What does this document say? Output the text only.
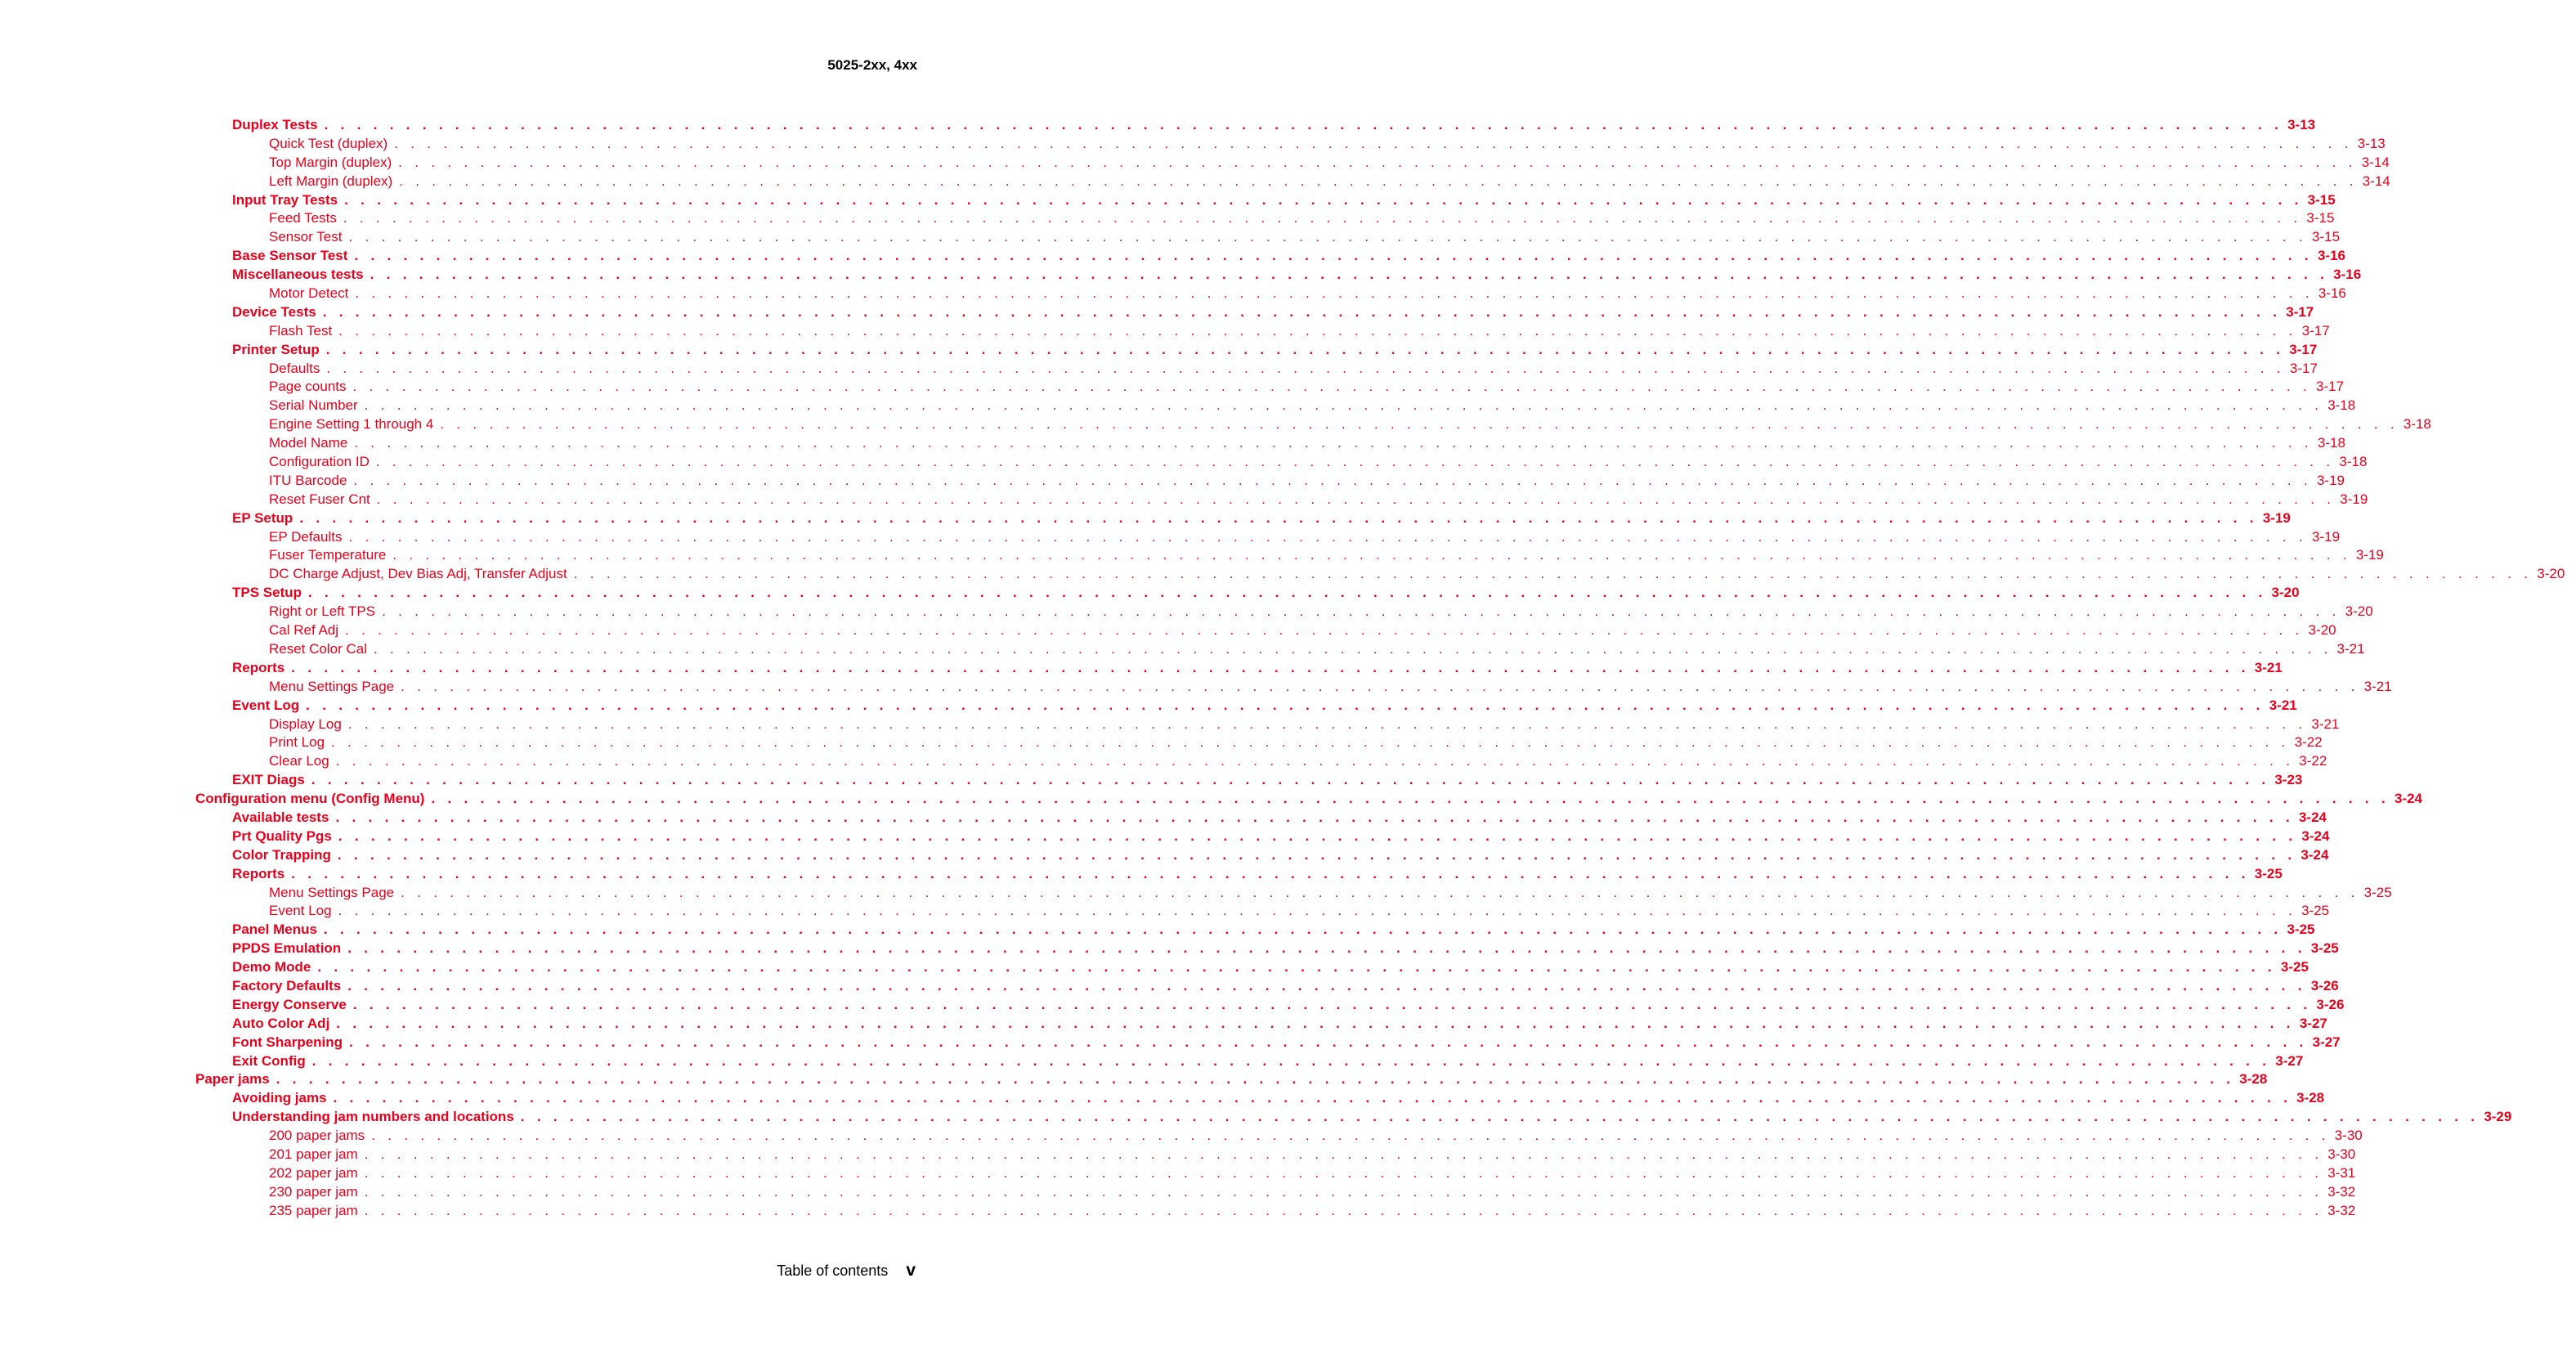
5025-2xx, 4xx
Duplex Tests . . . . . . . . . . . . . . . . . . . . . . . . . . . . . . . . . . . . . . . . . . . . . . . . . . . . . . . . . . . . . . . . . . . . . . . . . . . . . . . . . . . . . . . . . . . . . . . . . . . . . . . . . . . . . . . . . . . . . . . . 3-13
Quick Test (duplex) . . . . . . . . . . . . . . . . . . . . . . . . . . . . . . . . . . . . . . . . . . . . . . . . . . . . . . . . . . . . . . . . . . . . . . . . . . . . . . . . . . . . . . . . . . . . . . . . . . . . . . . . . . . . . . . . . . . . . . . . 3-13
Top Margin (duplex) . . . . . . . . . . . . . . . . . . . . . . . . . . . . . . . . . . . . . . . . . . . . . . . . . . . . . . . . . . . . . . . . . . . . . . . . . . . . . . . . . . . . . . . . . . . . . . . . . . . . . . . . . . . . . . . . . . . . . . . . 3-14
Left Margin (duplex) . . . . . . . . . . . . . . . . . . . . . . . . . . . . . . . . . . . . . . . . . . . . . . . . . . . . . . . . . . . . . . . . . . . . . . . . . . . . . . . . . . . . . . . . . . . . . . . . . . . . . . . . . . . . . . . . . . . . . . . . 3-14
Input Tray Tests . . . . . . . . . . . . . . . . . . . . . . . . . . . . . . . . . . . . . . . . . . . . . . . . . . . . . . . . . . . . . . . . . . . . . . . . . . . . . . . . . . . . . . . . . . . . . . . . . . . . . . . . . . . . . . . . . . . . . . . . 3-15
Feed Tests . . . . . . . . . . . . . . . . . . . . . . . . . . . . . . . . . . . . . . . . . . . . . . . . . . . . . . . . . . . . . . . . . . . . . . . . . . . . . . . . . . . . . . . . . . . . . . . . . . . . . . . . . . . . . . . . . . . . . . . . 3-15
Sensor Test . . . . . . . . . . . . . . . . . . . . . . . . . . . . . . . . . . . . . . . . . . . . . . . . . . . . . . . . . . . . . . . . . . . . . . . . . . . . . . . . . . . . . . . . . . . . . . . . . . . . . . . . . . . . . . . . . . . . . . . . 3-15
Base Sensor Test . . . . . . . . . . . . . . . . . . . . . . . . . . . . . . . . . . . . . . . . . . . . . . . . . . . . . . . . . . . . . . . . . . . . . . . . . . . . . . . . . . . . . . . . . . . . . . . . . . . . . . . . . . . . . . . . . . . . . . . . 3-16
Miscellaneous tests . . . . . . . . . . . . . . . . . . . . . . . . . . . . . . . . . . . . . . . . . . . . . . . . . . . . . . . . . . . . . . . . . . . . . . . . . . . . . . . . . . . . . . . . . . . . . . . . . . . . . . . . . . . . . . . . . . . . . . . . 3-16
Motor Detect . . . . . . . . . . . . . . . . . . . . . . . . . . . . . . . . . . . . . . . . . . . . . . . . . . . . . . . . . . . . . . . . . . . . . . . . . . . . . . . . . . . . . . . . . . . . . . . . . . . . . . . . . . . . . . . . . . . . . . . . 3-16
Device Tests . . . . . . . . . . . . . . . . . . . . . . . . . . . . . . . . . . . . . . . . . . . . . . . . . . . . . . . . . . . . . . . . . . . . . . . . . . . . . . . . . . . . . . . . . . . . . . . . . . . . . . . . . . . . . . . . . . . . . . . . 3-17
Flash Test . . . . . . . . . . . . . . . . . . . . . . . . . . . . . . . . . . . . . . . . . . . . . . . . . . . . . . . . . . . . . . . . . . . . . . . . . . . . . . . . . . . . . . . . . . . . . . . . . . . . . . . . . . . . . . . . . . . . . . . . 3-17
Printer Setup . . . . . . . . . . . . . . . . . . . . . . . . . . . . . . . . . . . . . . . . . . . . . . . . . . . . . . . . . . . . . . . . . . . . . . . . . . . . . . . . . . . . . . . . . . . . . . . . . . . . . . . . . . . . . . . . . . . . . . . . 3-17
Defaults . . . . . . . . . . . . . . . . . . . . . . . . . . . . . . . . . . . . . . . . . . . . . . . . . . . . . . . . . . . . . . . . . . . . . . . . . . . . . . . . . . . . . . . . . . . . . . . . . . . . . . . . . . . . . . . . . . . . . . . . 3-17
Page counts . . . . . . . . . . . . . . . . . . . . . . . . . . . . . . . . . . . . . . . . . . . . . . . . . . . . . . . . . . . . . . . . . . . . . . . . . . . . . . . . . . . . . . . . . . . . . . . . . . . . . . . . . . . . . . . . . . . . . . . . 3-17
Serial Number . . . . . . . . . . . . . . . . . . . . . . . . . . . . . . . . . . . . . . . . . . . . . . . . . . . . . . . . . . . . . . . . . . . . . . . . . . . . . . . . . . . . . . . . . . . . . . . . . . . . . . . . . . . . . . . . . . . . . . . . 3-18
Engine Setting 1 through 4 . . . . . . . . . . . . . . . . . . . . . . . . . . . . . . . . . . . . . . . . . . . . . . . . . . . . . . . . . . . . . . . . . . . . . . . . . . . . . . . . . . . . . . . . . . . . . . . . . . . . . . . . . . . . . . . . . . . . . . . . 3-18
Model Name . . . . . . . . . . . . . . . . . . . . . . . . . . . . . . . . . . . . . . . . . . . . . . . . . . . . . . . . . . . . . . . . . . . . . . . . . . . . . . . . . . . . . . . . . . . . . . . . . . . . . . . . . . . . . . . . . . . . . . . . 3-18
Configuration ID . . . . . . . . . . . . . . . . . . . . . . . . . . . . . . . . . . . . . . . . . . . . . . . . . . . . . . . . . . . . . . . . . . . . . . . . . . . . . . . . . . . . . . . . . . . . . . . . . . . . . . . . . . . . . . . . . . . . . . . . 3-18
ITU Barcode . . . . . . . . . . . . . . . . . . . . . . . . . . . . . . . . . . . . . . . . . . . . . . . . . . . . . . . . . . . . . . . . . . . . . . . . . . . . . . . . . . . . . . . . . . . . . . . . . . . . . . . . . . . . . . . . . . . . . . . . 3-19
Reset Fuser Cnt . . . . . . . . . . . . . . . . . . . . . . . . . . . . . . . . . . . . . . . . . . . . . . . . . . . . . . . . . . . . . . . . . . . . . . . . . . . . . . . . . . . . . . . . . . . . . . . . . . . . . . . . . . . . . . . . . . . . . . . . 3-19
EP Setup . . . . . . . . . . . . . . . . . . . . . . . . . . . . . . . . . . . . . . . . . . . . . . . . . . . . . . . . . . . . . . . . . . . . . . . . . . . . . . . . . . . . . . . . . . . . . . . . . . . . . . . . . . . . . . . . . . . . . . . . 3-19
EP Defaults . . . . . . . . . . . . . . . . . . . . . . . . . . . . . . . . . . . . . . . . . . . . . . . . . . . . . . . . . . . . . . . . . . . . . . . . . . . . . . . . . . . . . . . . . . . . . . . . . . . . . . . . . . . . . . . . . . . . . . . . 3-19
Fuser Temperature . . . . . . . . . . . . . . . . . . . . . . . . . . . . . . . . . . . . . . . . . . . . . . . . . . . . . . . . . . . . . . . . . . . . . . . . . . . . . . . . . . . . . . . . . . . . . . . . . . . . . . . . . . . . . . . . . . . . . . . . 3-19
DC Charge Adjust, Dev Bias Adj, Transfer Adjust . . . . . . . . . . . . . . . . . . . . . . . . . . . . . . . . . . . . . . . . . . . . . . . . . . . . . . . . . . . . . . . . . . . . . . . . . . . . . . . . . . . . . . . . . . . . . . . . . . . . . . . . . . . . . . . . . . . . . . . . 3-20
TPS Setup . . . . . . . . . . . . . . . . . . . . . . . . . . . . . . . . . . . . . . . . . . . . . . . . . . . . . . . . . . . . . . . . . . . . . . . . . . . . . . . . . . . . . . . . . . . . . . . . . . . . . . . . . . . . . . . . . . . . . . . . 3-20
Right or Left TPS . . . . . . . . . . . . . . . . . . . . . . . . . . . . . . . . . . . . . . . . . . . . . . . . . . . . . . . . . . . . . . . . . . . . . . . . . . . . . . . . . . . . . . . . . . . . . . . . . . . . . . . . . . . . . . . . . . . . . . . . 3-20
Cal Ref Adj . . . . . . . . . . . . . . . . . . . . . . . . . . . . . . . . . . . . . . . . . . . . . . . . . . . . . . . . . . . . . . . . . . . . . . . . . . . . . . . . . . . . . . . . . . . . . . . . . . . . . . . . . . . . . . . . . . . . . . . . 3-20
Reset Color Cal . . . . . . . . . . . . . . . . . . . . . . . . . . . . . . . . . . . . . . . . . . . . . . . . . . . . . . . . . . . . . . . . . . . . . . . . . . . . . . . . . . . . . . . . . . . . . . . . . . . . . . . . . . . . . . . . . . . . . . . . 3-21
Reports . . . . . . . . . . . . . . . . . . . . . . . . . . . . . . . . . . . . . . . . . . . . . . . . . . . . . . . . . . . . . . . . . . . . . . . . . . . . . . . . . . . . . . . . . . . . . . . . . . . . . . . . . . . . . . . . . . . . . . . . 3-21
Menu Settings Page . . . . . . . . . . . . . . . . . . . . . . . . . . . . . . . . . . . . . . . . . . . . . . . . . . . . . . . . . . . . . . . . . . . . . . . . . . . . . . . . . . . . . . . . . . . . . . . . . . . . . . . . . . . . . . . . . . . . . . . . 3-21
Event Log . . . . . . . . . . . . . . . . . . . . . . . . . . . . . . . . . . . . . . . . . . . . . . . . . . . . . . . . . . . . . . . . . . . . . . . . . . . . . . . . . . . . . . . . . . . . . . . . . . . . . . . . . . . . . . . . . . . . . . . . 3-21
Display Log . . . . . . . . . . . . . . . . . . . . . . . . . . . . . . . . . . . . . . . . . . . . . . . . . . . . . . . . . . . . . . . . . . . . . . . . . . . . . . . . . . . . . . . . . . . . . . . . . . . . . . . . . . . . . . . . . . . . . . . . 3-21
Print Log . . . . . . . . . . . . . . . . . . . . . . . . . . . . . . . . . . . . . . . . . . . . . . . . . . . . . . . . . . . . . . . . . . . . . . . . . . . . . . . . . . . . . . . . . . . . . . . . . . . . . . . . . . . . . . . . . . . . . . . . 3-22
Clear Log . . . . . . . . . . . . . . . . . . . . . . . . . . . . . . . . . . . . . . . . . . . . . . . . . . . . . . . . . . . . . . . . . . . . . . . . . . . . . . . . . . . . . . . . . . . . . . . . . . . . . . . . . . . . . . . . . . . . . . . . 3-22
EXIT Diags . . . . . . . . . . . . . . . . . . . . . . . . . . . . . . . . . . . . . . . . . . . . . . . . . . . . . . . . . . . . . . . . . . . . . . . . . . . . . . . . . . . . . . . . . . . . . . . . . . . . . . . . . . . . . . . . . . . . . . . . 3-23
Configuration menu (Config Menu) . . . . . . . . . . . . . . . . . . . . . . . . . . . . . . . . . . . . . . . . . . . . . . . . . . . . . . . . . . . . . . . . . . . . . . . . . . . . . . . . . . . . . . . . . . . . . . . . . . . . . . . . . . . . . . . . . . . . . . . . 3-24
Available tests . . . . . . . . . . . . . . . . . . . . . . . . . . . . . . . . . . . . . . . . . . . . . . . . . . . . . . . . . . . . . . . . . . . . . . . . . . . . . . . . . . . . . . . . . . . . . . . . . . . . . . . . . . . . . . . . . . . . . . . . 3-24
Prt Quality Pgs . . . . . . . . . . . . . . . . . . . . . . . . . . . . . . . . . . . . . . . . . . . . . . . . . . . . . . . . . . . . . . . . . . . . . . . . . . . . . . . . . . . . . . . . . . . . . . . . . . . . . . . . . . . . . . . . . . . . . . . . 3-24
Color Trapping . . . . . . . . . . . . . . . . . . . . . . . . . . . . . . . . . . . . . . . . . . . . . . . . . . . . . . . . . . . . . . . . . . . . . . . . . . . . . . . . . . . . . . . . . . . . . . . . . . . . . . . . . . . . . . . . . . . . . . . . 3-24
Reports . . . . . . . . . . . . . . . . . . . . . . . . . . . . . . . . . . . . . . . . . . . . . . . . . . . . . . . . . . . . . . . . . . . . . . . . . . . . . . . . . . . . . . . . . . . . . . . . . . . . . . . . . . . . . . . . . . . . . . . . 3-25
Menu Settings Page . . . . . . . . . . . . . . . . . . . . . . . . . . . . . . . . . . . . . . . . . . . . . . . . . . . . . . . . . . . . . . . . . . . . . . . . . . . . . . . . . . . . . . . . . . . . . . . . . . . . . . . . . . . . . . . . . . . . . . . . 3-25
Event Log . . . . . . . . . . . . . . . . . . . . . . . . . . . . . . . . . . . . . . . . . . . . . . . . . . . . . . . . . . . . . . . . . . . . . . . . . . . . . . . . . . . . . . . . . . . . . . . . . . . . . . . . . . . . . . . . . . . . . . . . 3-25
Panel Menus . . . . . . . . . . . . . . . . . . . . . . . . . . . . . . . . . . . . . . . . . . . . . . . . . . . . . . . . . . . . . . . . . . . . . . . . . . . . . . . . . . . . . . . . . . . . . . . . . . . . . . . . . . . . . . . . . . . . . . . . 3-25
PPDS Emulation . . . . . . . . . . . . . . . . . . . . . . . . . . . . . . . . . . . . . . . . . . . . . . . . . . . . . . . . . . . . . . . . . . . . . . . . . . . . . . . . . . . . . . . . . . . . . . . . . . . . . . . . . . . . . . . . . . . . . . . . 3-25
Demo Mode . . . . . . . . . . . . . . . . . . . . . . . . . . . . . . . . . . . . . . . . . . . . . . . . . . . . . . . . . . . . . . . . . . . . . . . . . . . . . . . . . . . . . . . . . . . . . . . . . . . . . . . . . . . . . . . . . . . . . . . . 3-25
Factory Defaults . . . . . . . . . . . . . . . . . . . . . . . . . . . . . . . . . . . . . . . . . . . . . . . . . . . . . . . . . . . . . . . . . . . . . . . . . . . . . . . . . . . . . . . . . . . . . . . . . . . . . . . . . . . . . . . . . . . . . . . . 3-26
Energy Conserve . . . . . . . . . . . . . . . . . . . . . . . . . . . . . . . . . . . . . . . . . . . . . . . . . . . . . . . . . . . . . . . . . . . . . . . . . . . . . . . . . . . . . . . . . . . . . . . . . . . . . . . . . . . . . . . . . . . . . . . . 3-26
Auto Color Adj . . . . . . . . . . . . . . . . . . . . . . . . . . . . . . . . . . . . . . . . . . . . . . . . . . . . . . . . . . . . . . . . . . . . . . . . . . . . . . . . . . . . . . . . . . . . . . . . . . . . . . . . . . . . . . . . . . . . . . . . 3-27
Font Sharpening . . . . . . . . . . . . . . . . . . . . . . . . . . . . . . . . . . . . . . . . . . . . . . . . . . . . . . . . . . . . . . . . . . . . . . . . . . . . . . . . . . . . . . . . . . . . . . . . . . . . . . . . . . . . . . . . . . . . . . . . 3-27
Exit Config . . . . . . . . . . . . . . . . . . . . . . . . . . . . . . . . . . . . . . . . . . . . . . . . . . . . . . . . . . . . . . . . . . . . . . . . . . . . . . . . . . . . . . . . . . . . . . . . . . . . . . . . . . . . . . . . . . . . . . . . 3-27
Paper jams . . . . . . . . . . . . . . . . . . . . . . . . . . . . . . . . . . . . . . . . . . . . . . . . . . . . . . . . . . . . . . . . . . . . . . . . . . . . . . . . . . . . . . . . . . . . . . . . . . . . . . . . . . . . . . . . . . . . . . . . 3-28
Avoiding jams . . . . . . . . . . . . . . . . . . . . . . . . . . . . . . . . . . . . . . . . . . . . . . . . . . . . . . . . . . . . . . . . . . . . . . . . . . . . . . . . . . . . . . . . . . . . . . . . . . . . . . . . . . . . . . . . . . . . . . . . 3-28
Understanding jam numbers and locations . . . . . . . . . . . . . . . . . . . . . . . . . . . . . . . . . . . . . . . . . . . . . . . . . . . . . . . . . . . . . . . . . . . . . . . . . . . . . . . . . . . . . . . . . . . . . . . . . . . . . . . . . . . . . . . . . . . . . . . . 3-29
200 paper jams . . . . . . . . . . . . . . . . . . . . . . . . . . . . . . . . . . . . . . . . . . . . . . . . . . . . . . . . . . . . . . . . . . . . . . . . . . . . . . . . . . . . . . . . . . . . . . . . . . . . . . . . . . . . . . . . . . . . . . . . 3-30
201 paper jam . . . . . . . . . . . . . . . . . . . . . . . . . . . . . . . . . . . . . . . . . . . . . . . . . . . . . . . . . . . . . . . . . . . . . . . . . . . . . . . . . . . . . . . . . . . . . . . . . . . . . . . . . . . . . . . . . . . . . . . . 3-30
202 paper jam . . . . . . . . . . . . . . . . . . . . . . . . . . . . . . . . . . . . . . . . . . . . . . . . . . . . . . . . . . . . . . . . . . . . . . . . . . . . . . . . . . . . . . . . . . . . . . . . . . . . . . . . . . . . . . . . . . . . . . . . 3-31
230 paper jam . . . . . . . . . . . . . . . . . . . . . . . . . . . . . . . . . . . . . . . . . . . . . . . . . . . . . . . . . . . . . . . . . . . . . . . . . . . . . . . . . . . . . . . . . . . . . . . . . . . . . . . . . . . . . . . . . . . . . . . . 3-32
235 paper jam . . . . . . . . . . . . . . . . . . . . . . . . . . . . . . . . . . . . . . . . . . . . . . . . . . . . . . . . . . . . . . . . . . . . . . . . . . . . . . . . . . . . . . . . . . . . . . . . . . . . . . . . . . . . . . . . . . . . . . . . 3-32
Table of contents v
